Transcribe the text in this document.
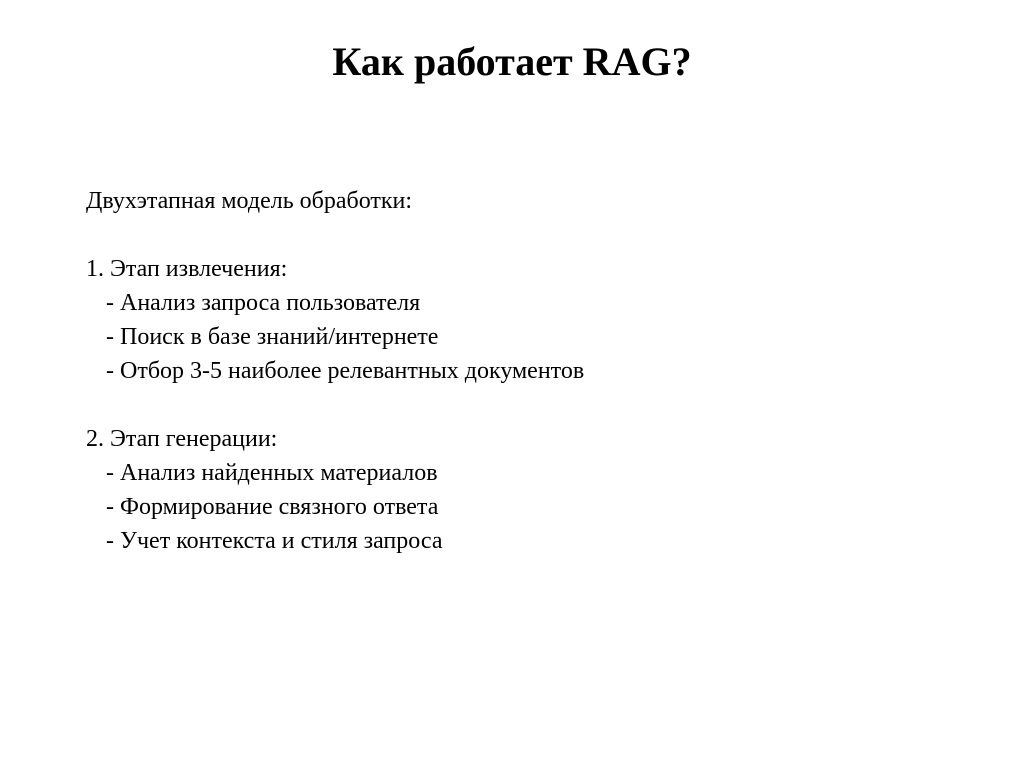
Как работает RAG?
Двухэтапная модель обработки:
1. Этап извлечения:
- Анализ запроса пользователя
- Поиск в базе знаний/интернете
- Отбор 3-5 наиболее релевантных документов
2. Этап генерации:
- Анализ найденных материалов
- Формирование связного ответа
- Учет контекста и стиля запроса
